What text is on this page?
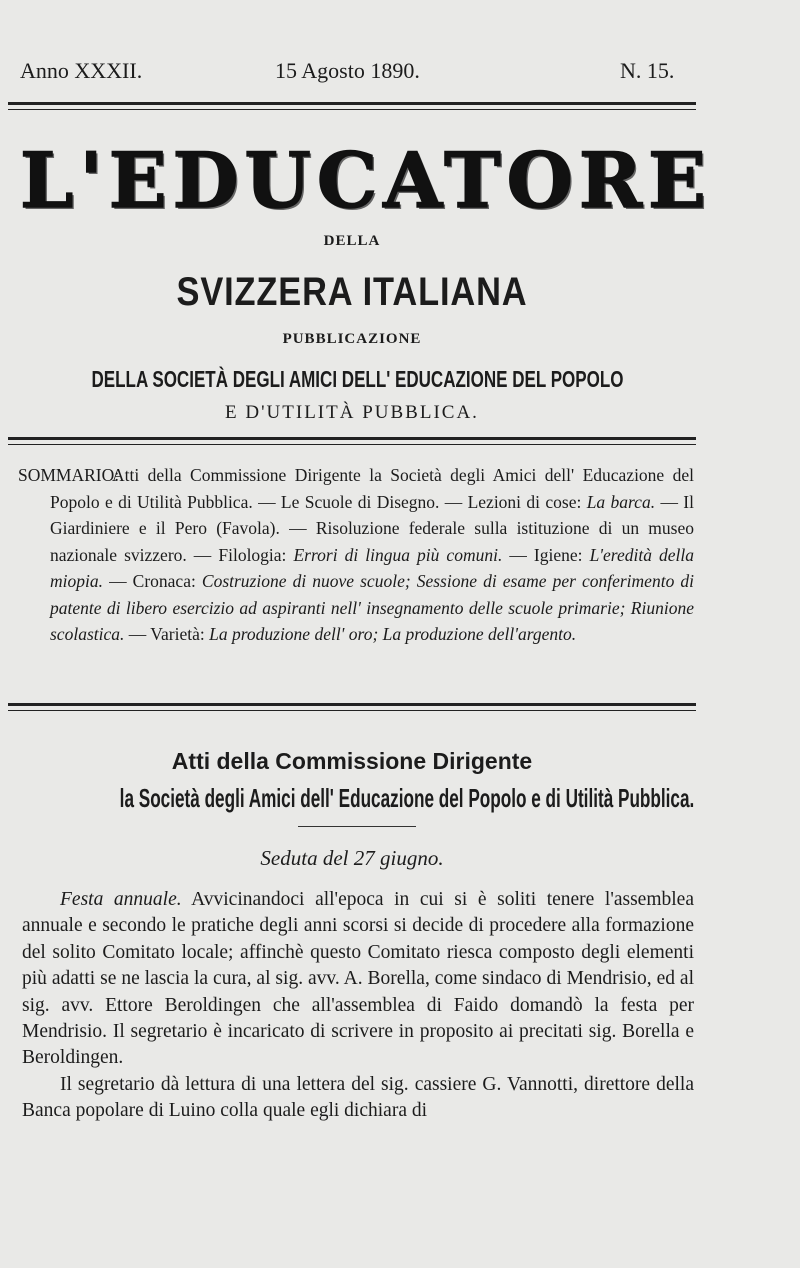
Anno XXXII.	15 Agosto 1890.	N. 15.
L'EDUCATORE
DELLA
SVIZZERA ITALIANA
PUBBLICAZIONE
DELLA SOCIETÀ DEGLI AMICI DELL' EDUCAZIONE DEL POPOLO
E D'UTILITÀ PUBBLICA.
SOMMARIO:
Atti della Commissione Dirigente la Società degli Amici dell' Educazione del Popolo e di Utilità Pubblica. — Le Scuole di Disegno. — Lezioni di cose: La barca. — Il Giardiniere e il Pero (Favola). — Risoluzione federale sulla istituzione di un museo nazionale svizzero. — Filologia: Errori di lingua più comuni. — Igiene: L'eredità della miopia. — Cronaca: Costruzione di nuove scuole; Sessione di esame per conferimento di patente di libero esercizio ad aspiranti nell' insegnamento delle scuole primarie; Riunione scolastica. — Varietà: La produzione dell' oro; La produzione dell'argento.
Atti della Commissione Dirigente
la Società degli Amici dell' Educazione del Popolo e di Utilità Pubblica.
Seduta del 27 giugno.

Festa annuale. Avvicinandoci all'epoca in cui si è soliti tenere l'assemblea annuale e secondo le pratiche degli anni scorsi si decide di procedere alla formazione del solito Comitato locale; affinchè questo Comitato riesca composto degli elementi più adatti se ne lascia la cura, al sig. avv. A. Borella, come sindaco di Mendrisio, ed al sig. avv. Ettore Beroldingen che all'assemblea di Faido domandò la festa per Mendrisio. Il segretario è incaricato di scrivere in proposito ai precitati sig. Borella e Beroldingen.

Il segretario dà lettura di una lettera del sig. cassiere G. Vannotti, direttore della Banca popolare di Luino colla quale egli dichiara di
